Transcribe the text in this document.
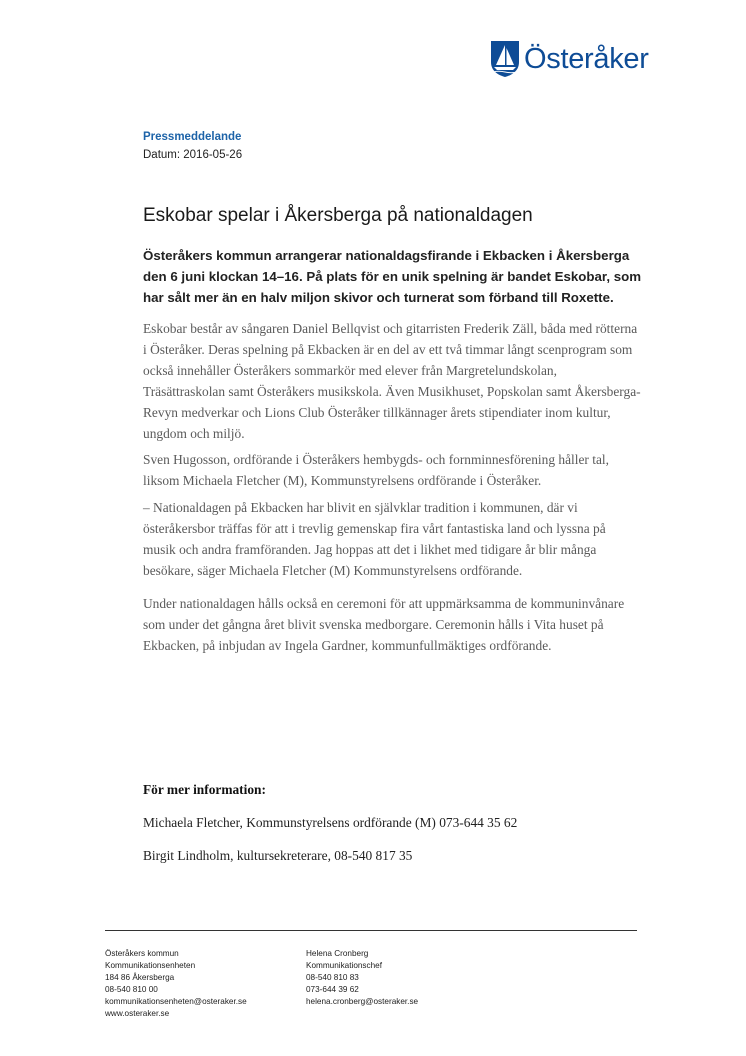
Österåker
Pressmeddelande
Datum: 2016-05-26
Eskobar spelar i Åkersberga på nationaldagen

Österåkers kommun arrangerar nationaldagsfirande i Ekbacken i Åkersberga den 6 juni klockan 14–16. På plats för en unik spelning är bandet Eskobar, som har sålt mer än en halv miljon skivor och turnerat som förband till Roxette.

Eskobar består av sångaren Daniel Bellqvist och gitarristen Frederik Zäll, båda med rötterna i Österåker. Deras spelning på Ekbacken är en del av ett två timmar långt scenprogram som också innehåller Österåkers sommarkör med elever från Margretelundskolan, Träsättraskolan samt Österåkers musikskola. Även Musikhuset, Popskolan samt Åkersberga-Revyn medverkar och Lions Club Österåker tillkännager årets stipendiater inom kultur, ungdom och miljö.

Sven Hugosson, ordförande i Österåkers hembygds- och fornminnesförening håller tal, liksom Michaela Fletcher (M), Kommunstyrelsens ordförande i Österåker.

– Nationaldagen på Ekbacken har blivit en självklar tradition i kommunen, där vi österåkersbor träffas för att i trevlig gemenskap fira vårt fantastiska land och lyssna på musik och andra framföranden. Jag hoppas att det i likhet med tidigare år blir många besökare, säger Michaela Fletcher (M) Kommunstyrelsens ordförande.

Under nationaldagen hålls också en ceremoni för att uppmärksamma de kommuninvånare som under det gångna året blivit svenska medborgare. Ceremonin hålls i Vita huset på Ekbacken, på inbjudan av Ingela Gardner, kommunfullmäktiges ordförande.

För mer information:
Michaela Fletcher, Kommunstyrelsens ordförande (M) 073-644 35 62
Birgit Lindholm, kultursekreterare, 08-540 817 35
Österåkers kommun
Kommunikationsenheten
184 86 Åkersberga
08-540 810 00
kommunikationsenheten@osteraker.se
www.osteraker.se
Helena Cronberg
Kommunikationschef
08-540 810 83
073-644 39 62
helena.cronberg@osteraker.se
